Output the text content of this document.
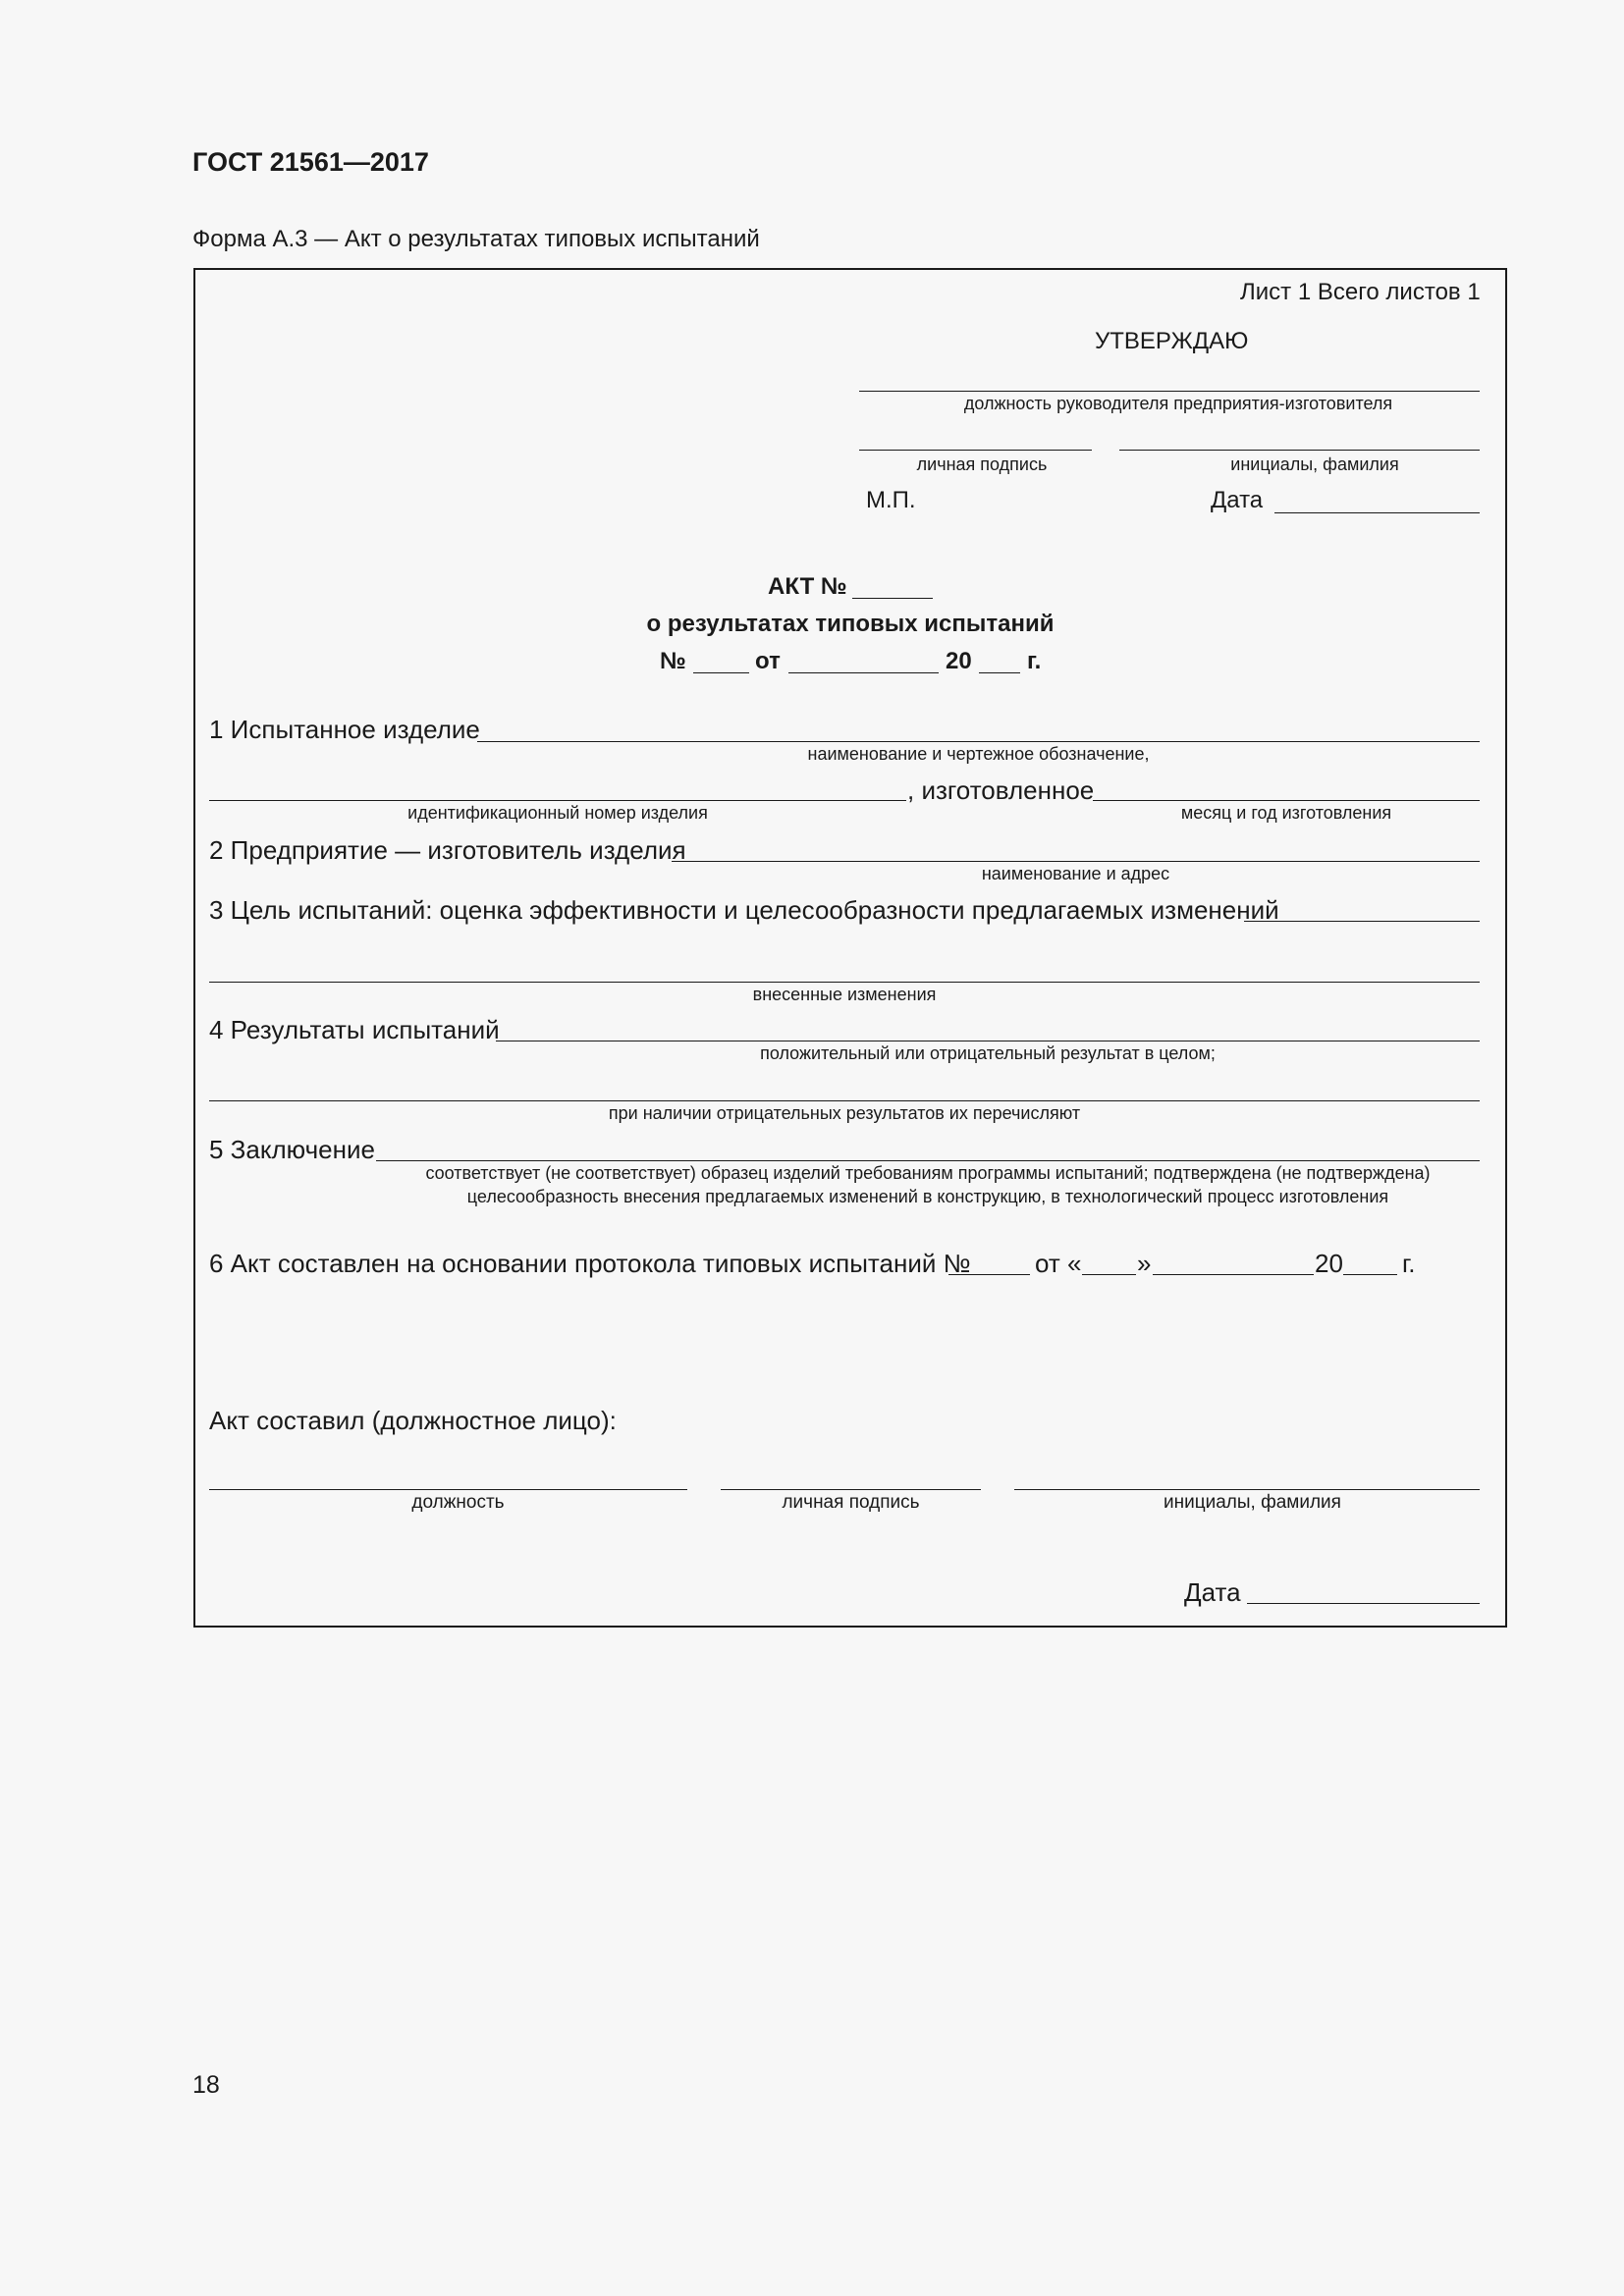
ГОСТ 21561—2017
Форма А.3 — Акт о результатах типовых испытаний
Лист 1 Всего листов 1
УТВЕРЖДАЮ
должность руководителя предприятия-изготовителя
личная подпись	инициалы, фамилия
М.П.	Дата
АКТ №
о результатах типовых испытаний
№	от	20 г.
1 Испытанное изделие
наименование и чертежное обозначение,
, изготовленное
идентификационный номер изделия	месяц и год изготовления
2 Предприятие — изготовитель изделия
наименование и адрес
3 Цель испытаний: оценка эффективности и целесообразности предлагаемых изменений
внесенные изменения
4 Результаты испытаний
положительный или отрицательный результат в целом;
при наличии отрицательных результатов их перечисляют
5 Заключение
соответствует (не соответствует) образец изделий требованиям программы испытаний; подтверждена (не подтверждена)
целесообразность внесения предлагаемых изменений в конструкцию, в технологический процесс изготовления
6 Акт составлен на основании протокола типовых испытаний №	от « »	20 г.
Акт составил (должностное лицо):
должность	личная подпись	инициалы, фамилия
Дата
18
